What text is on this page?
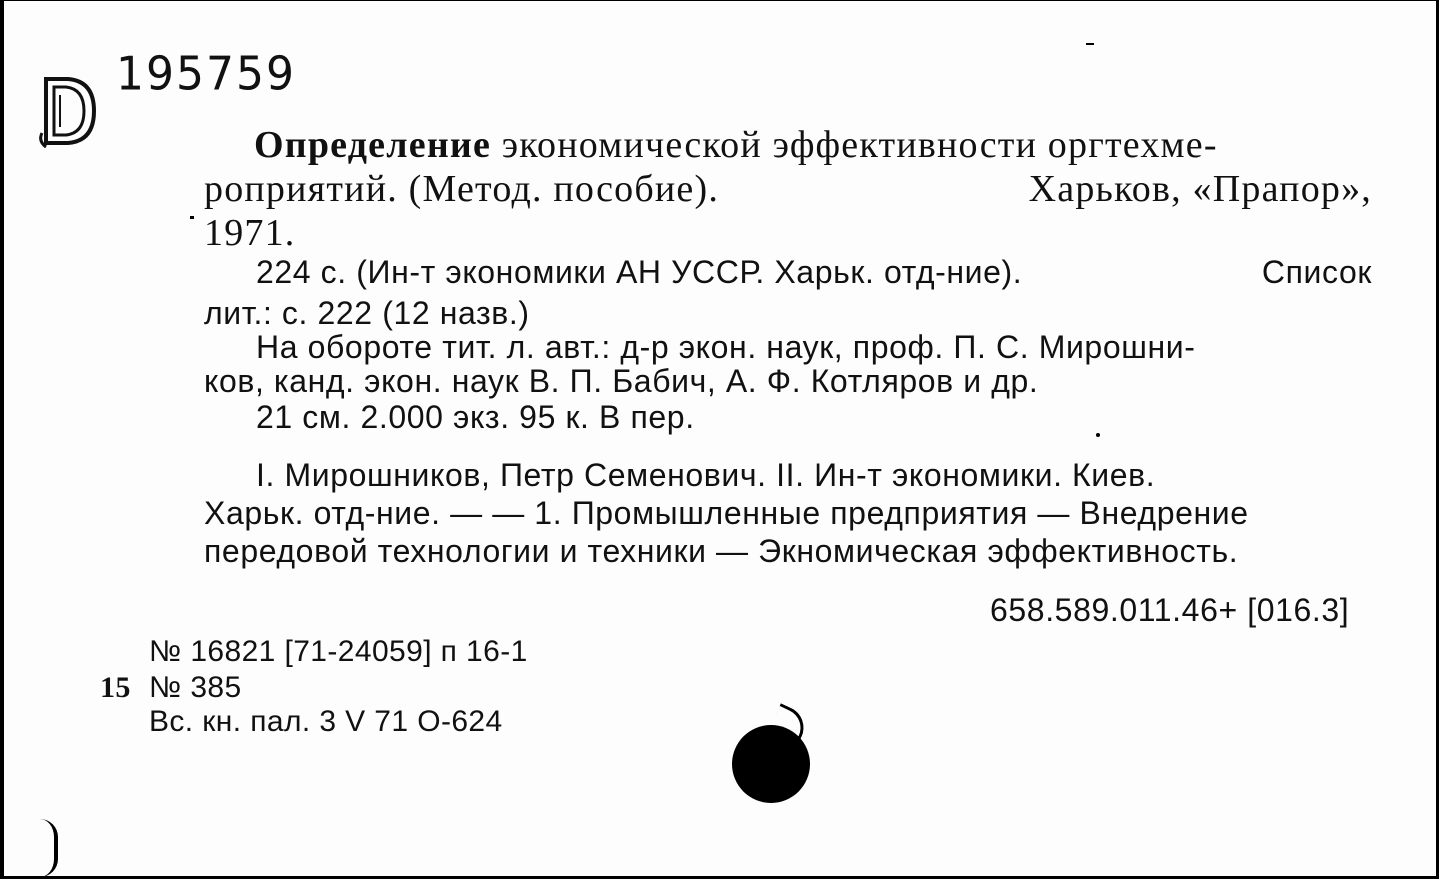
195759
Определение экономической эффективности оргтехме-
роприятий. (Метод. пособие).	Харьков, «Прапор»,
1971.
224 с. (Ин-т экономики АН УССР. Харьк. отд-ние).	Список
лит.: с. 222 (12 назв.)
На обороте тит. л. авт.: д-р экон. наук, проф. П. С. Мирошни-
ков, канд. экон. наук В. П. Бабич, А. Ф. Котляров и др.
21 см. 2.000 экз. 95 к. В пер.
I. Мирошников, Петр Семенович. II. Ин-т экономики. Киев.
Харьк. отд-ние. — — 1. Промышленные предприятия — Внедрение
передовой технологии и техники — Экномическая эффективность.
658.589.011.46+ [016.3]
№ 16821 [71-24059] п 16-1
15 № 385
Вс. кн. пал. 3 V 71 О-624
